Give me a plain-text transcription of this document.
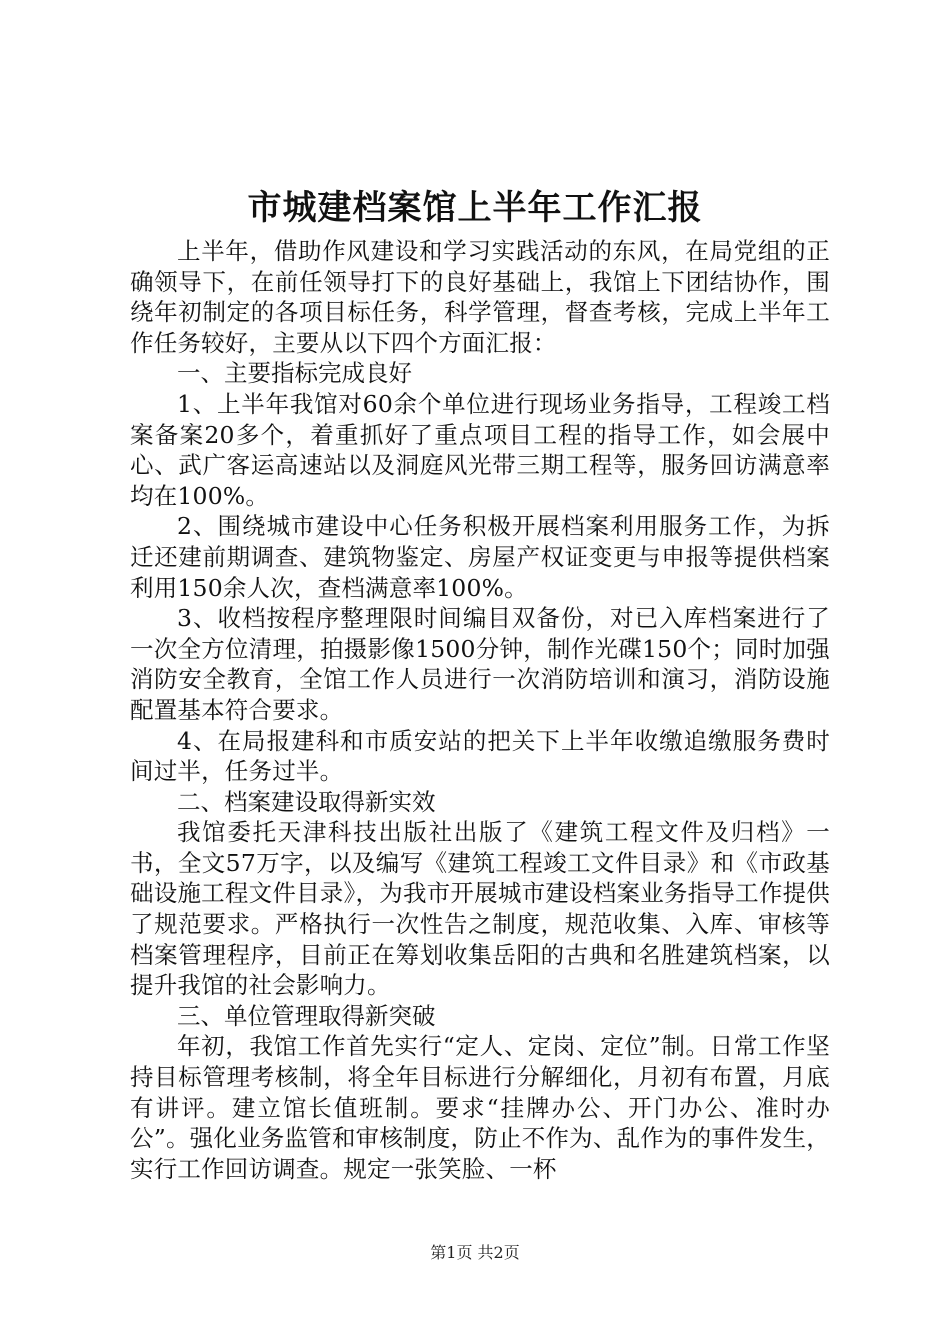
市城建档案馆上半年工作汇报

上半年，借助作风建设和学习实践活动的东风，在局党组的正确领导下，在前任领导打下的良好基础上，我馆上下团结协作，围绕年初制定的各项目标任务，科学管理，督查考核，完成上半年工作任务较好，主要从以下四个方面汇报：

一、主要指标完成良好

1、上半年我馆对60余个单位进行现场业务指导，工程竣工档案备案20多个，着重抓好了重点项目工程的指导工作，如会展中心、武广客运高速站以及洞庭风光带三期工程等，服务回访满意率均在100%。

2、围绕城市建设中心任务积极开展档案利用服务工作，为拆迁还建前期调查、建筑物鉴定、房屋产权证变更与申报等提供档案利用150余人次，查档满意率100%。

3、收档按程序整理限时间编目双备份，对已入库档案进行了一次全方位清理，拍摄影像1500分钟，制作光碟150个；同时加强消防安全教育，全馆工作人员进行一次消防培训和演习，消防设施配置基本符合要求。

4、在局报建科和市质安站的把关下上半年收缴追缴服务费时间过半，任务过半。

二、档案建设取得新实效

我馆委托天津科技出版社出版了《建筑工程文件及归档》一书，全文57万字，以及编写《建筑工程竣工文件目录》和《市政基础设施工程文件目录》，为我市开展城市建设档案业务指导工作提供了规范要求。严格执行一次性告之制度，规范收集、入库、审核等档案管理程序，目前正在筹划收集岳阳的古典和名胜建筑档案，以提升我馆的社会影响力。

三、单位管理取得新突破

年初，我馆工作首先实行“定人、定岗、定位”制。日常工作坚持目标管理考核制，将全年目标进行分解细化，月初有布置，月底有讲评。建立馆长值班制。要求“挂牌办公、开门办公、准时办公”。强化业务监管和审核制度，防止不作为、乱作为的事件发生，实行工作回访调查。规定一张笑脸、一杯

第1页 共2页
